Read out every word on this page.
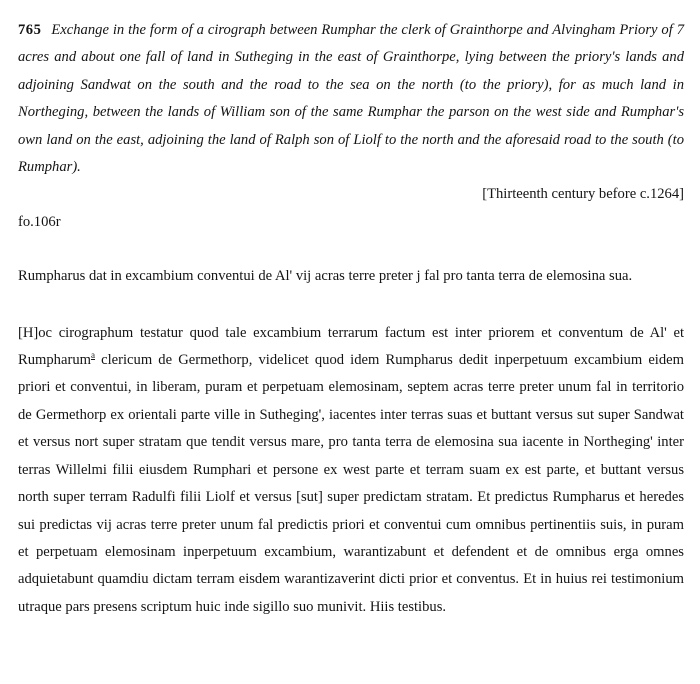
765 Exchange in the form of a cirograph between Rumphar the clerk of Grainthorpe and Alvingham Priory of 7 acres and about one fall of land in Sutheging in the east of Grainthorpe, lying between the priory's lands and adjoining Sandwat on the south and the road to the sea on the north (to the priory), for as much land in Northeging, between the lands of William son of the same Rumphar the parson on the west side and Rumphar's own land on the east, adjoining the land of Ralph son of Liolf to the north and the aforesaid road to the south (to Rumphar).

[Thirteenth century before c.1264]

fo.106r

Rumpharus dat in excambium conventui de Al' vij acras terre preter j fal pro tanta terra de elemosina sua.

[H]oc cirographum testatur quod tale excambium terrarum factum est inter priorem et conventum de Al' et Rumpharum$^a$ clericum de Germethorp, videlicet quod idem Rumpharus dedit inperpetuum excambium eidem priori et conventui, in liberam, puram et perpetuam elemosinam, septem acras terre preter unum fal in territorio de Germethorp ex orientali parte ville in Sutheging', iacentes inter terras suas et buttant versus sut super Sandwat et versus nort super stratam que tendit versus mare, pro tanta terra de elemosina sua iacente in Northeging' inter terras Willelmi filii eiusdem Rumphari et persone ex west parte et terram suam ex est parte, et buttant versus north super terram Radulfi filii Liolf et versus [sut] super predictam stratam. Et predictus Rumpharus et heredes sui predictas vij acras terre preter unum fal predictis priori et conventui cum omnibus pertinentiis suis, in puram et perpetuam elemosinam inperpetuum excambium, warantizabunt et defendent et de omnibus erga omnes adquietabunt quamdiu dictam terram eisdem warantizaverint dicti prior et conventus. Et in huius rei testimonium utraque pars presens scriptum huic inde sigillo suo munivit. Hiis testibus.
